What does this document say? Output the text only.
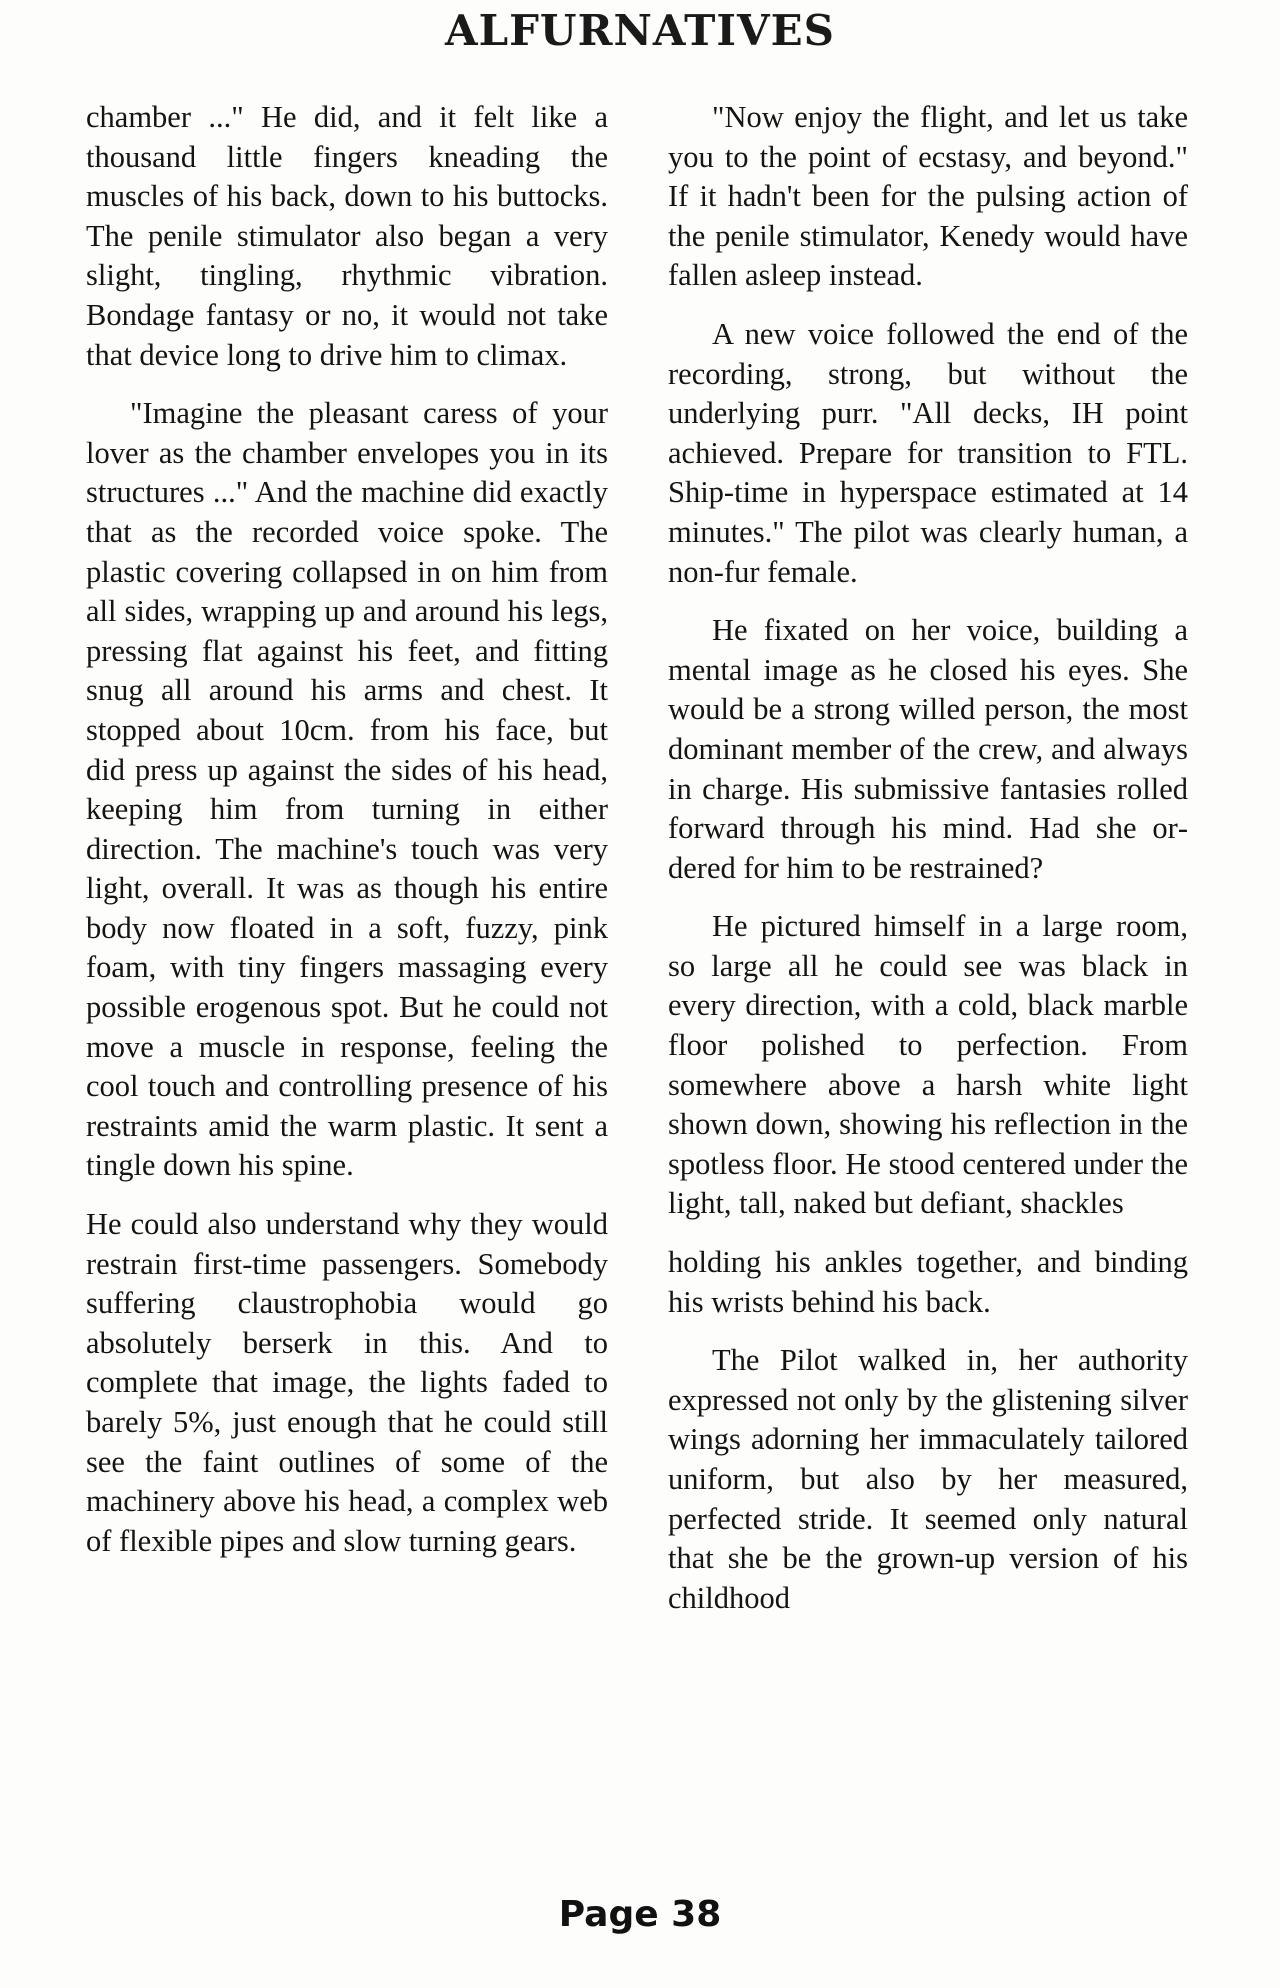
ALFURNATIVES

chamber ..." He did, and it felt like a thousand little fingers kneading the muscles of his back, down to his buttocks. The penile stimulator also began a very slight, tingling, rhythmic vibration. Bondage fantasy or no, it would not take that device long to drive him to climax.

"Imagine the pleasant caress of your lover as the chamber envelopes you in its structures ..." And the machine did exactly that as the recorded voice spoke. The plastic covering collapsed in on him from all sides, wrapping up and around his legs, pressing flat against his feet, and fitting snug all around his arms and chest. It stopped about 10cm. from his face, but did press up against the sides of his head, keeping him from turning in either direction. The machine's touch was very light, overall. It was as though his entire body now floated in a soft, fuzzy, pink foam, with tiny fingers massaging every possible erogenous spot. But he could not move a muscle in response, feeling the cool touch and controlling presence of his restraints amid the warm plastic. It sent a tingle down his spine.

He could also understand why they would restrain first-time passengers. Somebody suffering claustrophobia would go absolutely berserk in this. And to complete that image, the lights faded to barely 5%, just enough that he could still see the faint outlines of some of the machinery above his head, a complex web of flexible pipes and slow turning gears.

"Now enjoy the flight, and let us take you to the point of ecstasy, and beyond." If it hadn't been for the pulsing action of the penile stimulator, Kenedy would have fallen asleep instead.

A new voice followed the end of the recording, strong, but without the underlying purr. "All decks, IH point achieved. Prepare for transition to FTL. Ship-time in hyperspace estimated at 14 minutes." The pilot was clearly human, a non-fur female.

He fixated on her voice, building a mental image as he closed his eyes. She would be a strong willed person, the most dominant member of the crew, and always in charge. His submissive fantasies rolled forward through his mind. Had she ordered for him to be restrained?

He pictured himself in a large room, so large all he could see was black in every direction, with a cold, black marble floor polished to perfection. From somewhere above a harsh white light shown down, showing his reflection in the spotless floor. He stood centered under the light, tall, naked but defiant, shackles

holding his ankles together, and binding his wrists behind his back.

The Pilot walked in, her authority expressed not only by the glistening silver wings adorning her immaculately tailored uniform, but also by her measured, perfected stride. It seemed only natural that she be the grown-up version of his childhood

Page 38
